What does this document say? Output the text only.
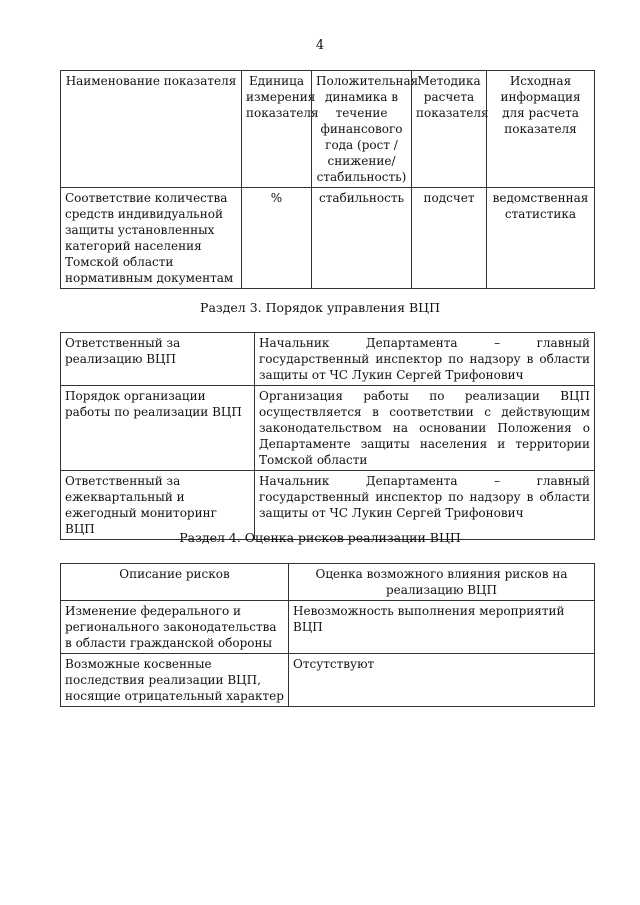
4
Наименование показателя	Единица измерения показателя	Положительная динамика в течение финансового года (рост / снижение/ стабильность)	Методика расчета показателя	Исходная информация для расчета показателя
Соответствие количества средств индивидуальной защиты установленных категорий населения Томской области нормативным документам	%	стабильность	подсчет	ведомственная статистика
Раздел 3. Порядок управления ВЦП
Ответственный за реализацию ВЦП	Начальник Департамента – главный государственный инспектор по надзору в области защиты от ЧС Лукин Сергей Трифонович
Порядок организации работы по реализации ВЦП	Организация работы по реализации ВЦП осуществляется в соответствии с действующим законодательством на основании Положения о Департаменте защиты населения и территории Томской области
Ответственный за ежеквартальный и ежегодный мониторинг ВЦП	Начальник Департамента – главный государственный инспектор по надзору в области защиты от ЧС Лукин Сергей Трифонович
Раздел 4. Оценка рисков реализации ВЦП
Описание рисков	Оценка возможного влияния рисков на реализацию ВЦП
Изменение федерального и регионального законодательства в области гражданской обороны	Невозможность выполнения мероприятий ВЦП
Возможные косвенные последствия реализации ВЦП, носящие отрицательный характер	Отсутствуют
